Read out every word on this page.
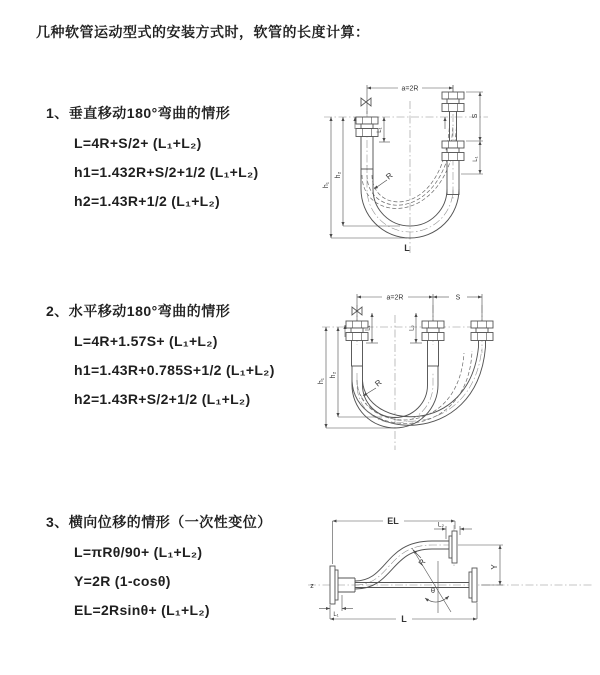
几种软管运动型式的安装方式时，软管的长度计算：
1、垂直移动180°弯曲的情形
L=4R+S/2+ (L₁+L₂)
h1=1.432R+S/2+1/2 (L₁+L₂)
h2=1.43R+1/2 (L₁+L₂)
2、水平移动180°弯曲的情形
L=4R+1.57S+ (L₁+L₂)
h1=1.43R+0.785S+1/2 (L₁+L₂)
h2=1.43R+S/2+1/2 (L₁+L₂)
3、横向位移的情形（一次性变位）
L=πRθ/90+ (L₁+L₂)
Y=2R (1-cosθ)
EL=2Rsinθ+ (L₁+L₂)
a=2R
h₁
h₂
L₁
S
L₁
R
L
a=2R	S
h₁
h₂
L₁	L₂
R
EL	L₂
Y
θ
R
L
L₁
z
